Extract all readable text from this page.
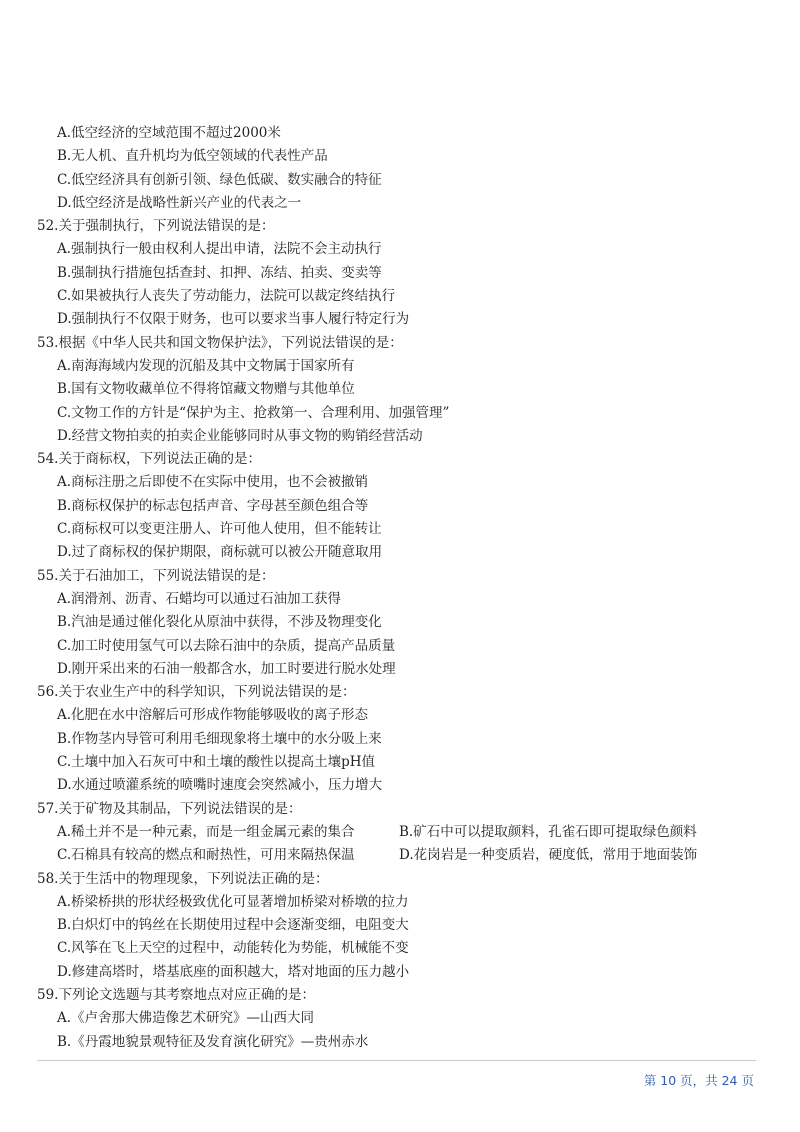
A.低空经济的空域范围不超过2000米
B.无人机、直升机均为低空领域的代表性产品
C.低空经济具有创新引领、绿色低碳、数实融合的特征
D.低空经济是战略性新兴产业的代表之一
52.关于强制执行，下列说法错误的是：
A.强制执行一般由权利人提出申请，法院不会主动执行
B.强制执行措施包括查封、扣押、冻结、拍卖、变卖等
C.如果被执行人丧失了劳动能力，法院可以裁定终结执行
D.强制执行不仅限于财务，也可以要求当事人履行特定行为
53.根据《中华人民共和国文物保护法》，下列说法错误的是：
A.南海海域内发现的沉船及其中文物属于国家所有
B.国有文物收藏单位不得将馆藏文物赠与其他单位
C.文物工作的方针是“保护为主、抢救第一、合理利用、加强管理”
D.经营文物拍卖的拍卖企业能够同时从事文物的购销经营活动
54.关于商标权，下列说法正确的是：
A.商标注册之后即使不在实际中使用，也不会被撤销
B.商标权保护的标志包括声音、字母甚至颜色组合等
C.商标权可以变更注册人、许可他人使用，但不能转让
D.过了商标权的保护期限，商标就可以被公开随意取用
55.关于石油加工，下列说法错误的是：
A.润滑剂、沥青、石蜡均可以通过石油加工获得
B.汽油是通过催化裂化从原油中获得，不涉及物理变化
C.加工时使用氢气可以去除石油中的杂质，提高产品质量
D.刚开采出来的石油一般都含水，加工时要进行脱水处理
56.关于农业生产中的科学知识，下列说法错误的是：
A.化肥在水中溶解后可形成作物能够吸收的离子形态
B.作物茎内导管可利用毛细现象将土壤中的水分吸上来
C.土壤中加入石灰可中和土壤的酸性以提高土壤pH值
D.水通过喷灌系统的喷嘴时速度会突然减小，压力增大
57.关于矿物及其制品，下列说法错误的是：
A.稀土并不是一种元素，而是一组金属元素的集合	B.矿石中可以提取颜料，孔雀石即可提取绿色颜料
C.石棉具有较高的燃点和耐热性，可用来隔热保温	D.花岗岩是一种变质岩，硬度低，常用于地面装饰
58.关于生活中的物理现象，下列说法正确的是：
A.桥梁桥拱的形状经极致优化可显著增加桥梁对桥墩的拉力
B.白炽灯中的钨丝在长期使用过程中会逐渐变细，电阻变大
C.风筝在飞上天空的过程中，动能转化为势能，机械能不变
D.修建高塔时，塔基底座的面积越大，塔对地面的压力越小
59.下列论文选题与其考察地点对应正确的是：
A.《卢舍那大佛造像艺术研究》—山西大同
B.《丹霞地貌景观特征及发育演化研究》—贵州赤水
第 10 页，共 24 页
